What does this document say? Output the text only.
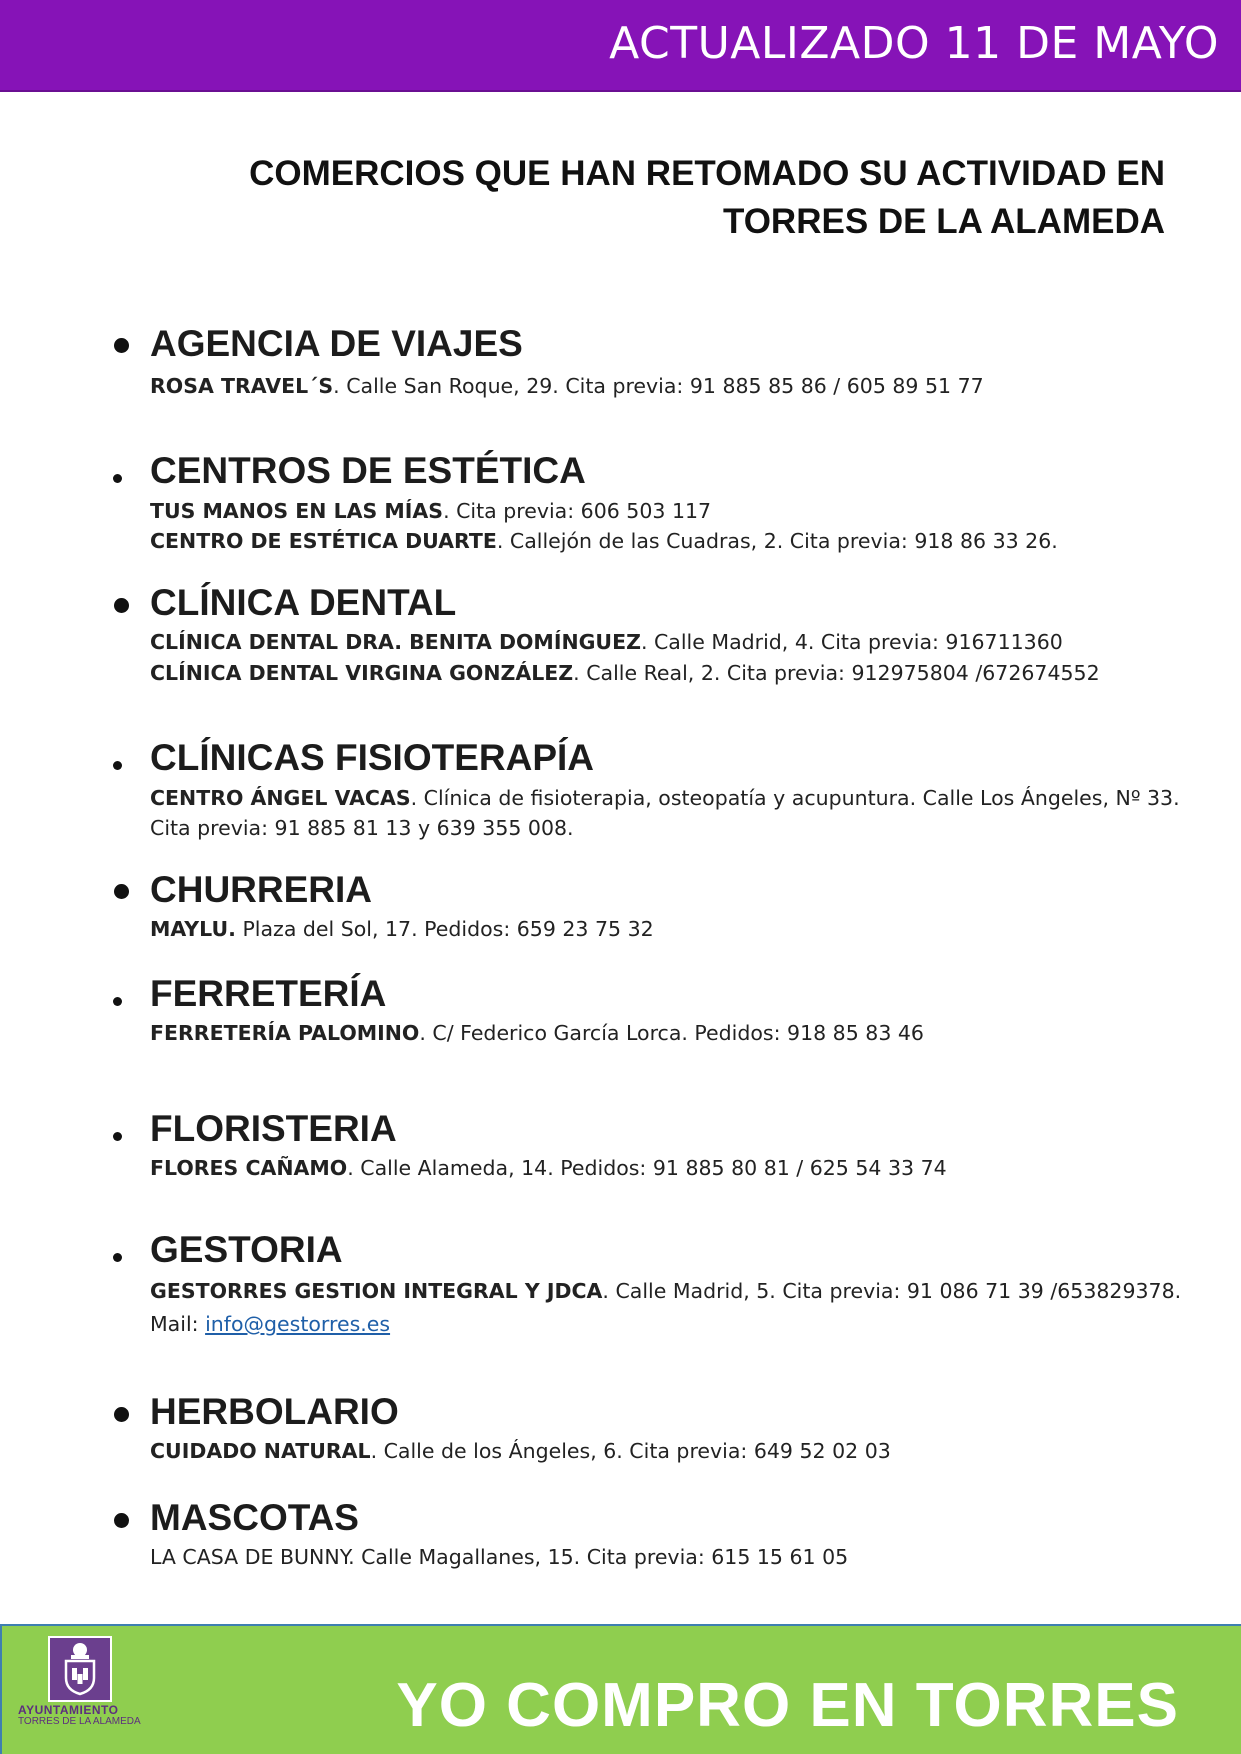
ACTUALIZADO 11 DE MAYO
COMERCIOS QUE HAN RETOMADO SU ACTIVIDAD EN
TORRES DE LA ALAMEDA
AGENCIA DE VIAJES
ROSA TRAVEL´S. Calle San Roque, 29. Cita previa: 91 885 85 86 / 605 89 51 77
CENTROS DE ESTÉTICA
TUS MANOS EN LAS MÍAS. Cita previa: 606 503 117
CENTRO DE ESTÉTICA DUARTE. Callejón de las Cuadras, 2. Cita previa: 918 86 33 26.
CLÍNICA DENTAL
CLÍNICA DENTAL DRA. BENITA DOMÍNGUEZ. Calle Madrid, 4. Cita previa: 916711360
CLÍNICA DENTAL VIRGINA GONZÁLEZ. Calle Real, 2. Cita previa: 912975804 /672674552
CLÍNICAS FISIOTERAPÍA
CENTRO ÁNGEL VACAS. Clínica de fisioterapia, osteopatía y acupuntura. Calle Los Ángeles, Nº 33.
Cita previa: 91 885 81 13 y 639 355 008.
CHURRERIA
MAYLU. Plaza del Sol, 17. Pedidos: 659 23 75 32
FERRETERÍA
FERRETERÍA PALOMINO. C/ Federico García Lorca. Pedidos: 918 85 83 46
FLORISTERIA
FLORES CAÑAMO. Calle Alameda, 14. Pedidos: 91 885 80 81 / 625 54 33 74
GESTORIA
GESTORRES GESTION INTEGRAL Y JDCA. Calle Madrid, 5. Cita previa: 91 086 71 39 /653829378.
Mail: info@gestorres.es
HERBOLARIO
CUIDADO NATURAL. Calle de los Ángeles, 6. Cita previa: 649 52 02 03
MASCOTAS
LA CASA DE BUNNY. Calle Magallanes, 15. Cita previa: 615 15 61 05
AYUNTAMIENTO
TORRES DE LA ALAMEDA	YO COMPRO EN TORRES
